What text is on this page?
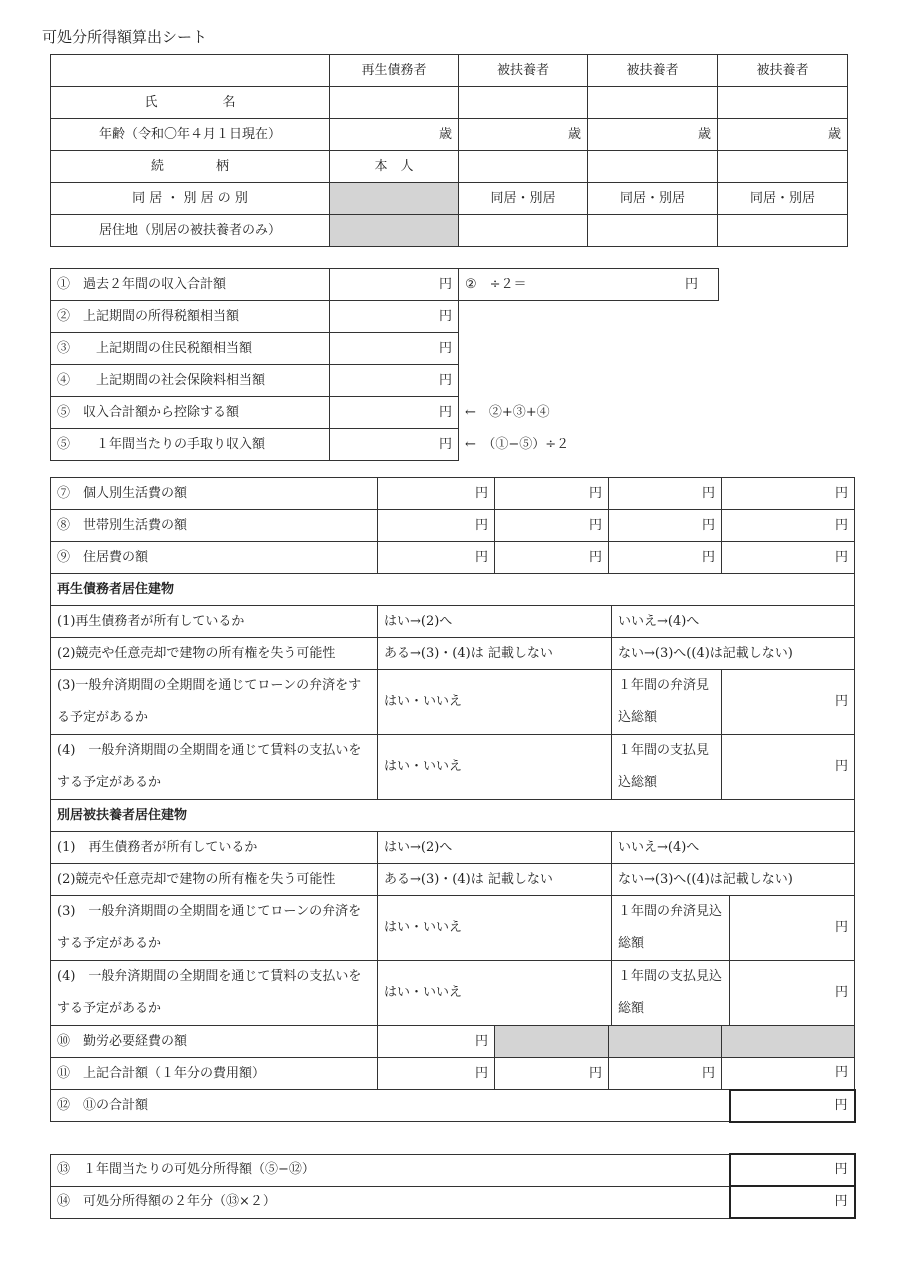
可処分所得額算出シート
	再生債務者	被扶養者	被扶養者	被扶養者
氏　　　　　名				
年齢（令和〇年４月１日現在）	歳	歳	歳	歳
続　　　　柄	本　人			
同 居 ・ 別 居 の 別		同居・別居	同居・別居	同居・別居
居住地（別居の被扶養者のみ）				
①　過去２年間の収入合計額	円	②　÷２＝ 円

②　上記期間の所得税額相当額	円	
③　　上記期間の住民税額相当額	円	
④　　上記期間の社会保険料相当額	円	
⑤　収入合計額から控除する額	円	←　②+③+④
⑤　　１年間当たりの手取り収入額	円	←　（①−⑤）÷２
⑦　個人別生活費の額	円	円	円		円	
⑧　世帯別生活費の額	円	円	円		円	
⑨　住居費の額	円	円	円		円	
再生債務者居住建物						
(1)再生債務者が所有しているか	はい→(2)へ			いいえ→(4)へ		
(2)競売や任意売却で建物の所有権を失う可能性	ある→(3)・(4)は 記載しない			ない→(3)へ((4)は記載しない)		
(3)一般弁済期間の全期間を通じてローンの弁済をする予定があるか	はい・いいえ			１年間の弁済見込総額	円	
(4)　一般弁済期間の全期間を通じて賃料の支払いをする予定があるか	はい・いいえ			１年間の支払見込総額	円	
別居被扶養者居住建物						
(1)　再生債務者が所有しているか	はい→(2)へ			いいえ→(4)へ		
(2)競売や任意売却で建物の所有権を失う可能性	ある→(3)・(4)は 記載しない			ない→(3)へ((4)は記載しない)		
(3)　一般弁済期間の全期間を通じてローンの弁済をする予定があるか	はい・いいえ			１年間の弁済見込総額		円
(4)　一般弁済期間の全期間を通じて賃料の支払いをする予定があるか	はい・いいえ			１年間の支払見込総額		円
⑩　勤労必要経費の額	円					
⑪　上記合計額（１年分の費用額）	円	円	円		円	
⑫　⑪の合計額						円
⑬　１年間当たりの可処分所得額（⑤−⑫）	円
⑭　可処分所得額の２年分（⑬×２）	円
